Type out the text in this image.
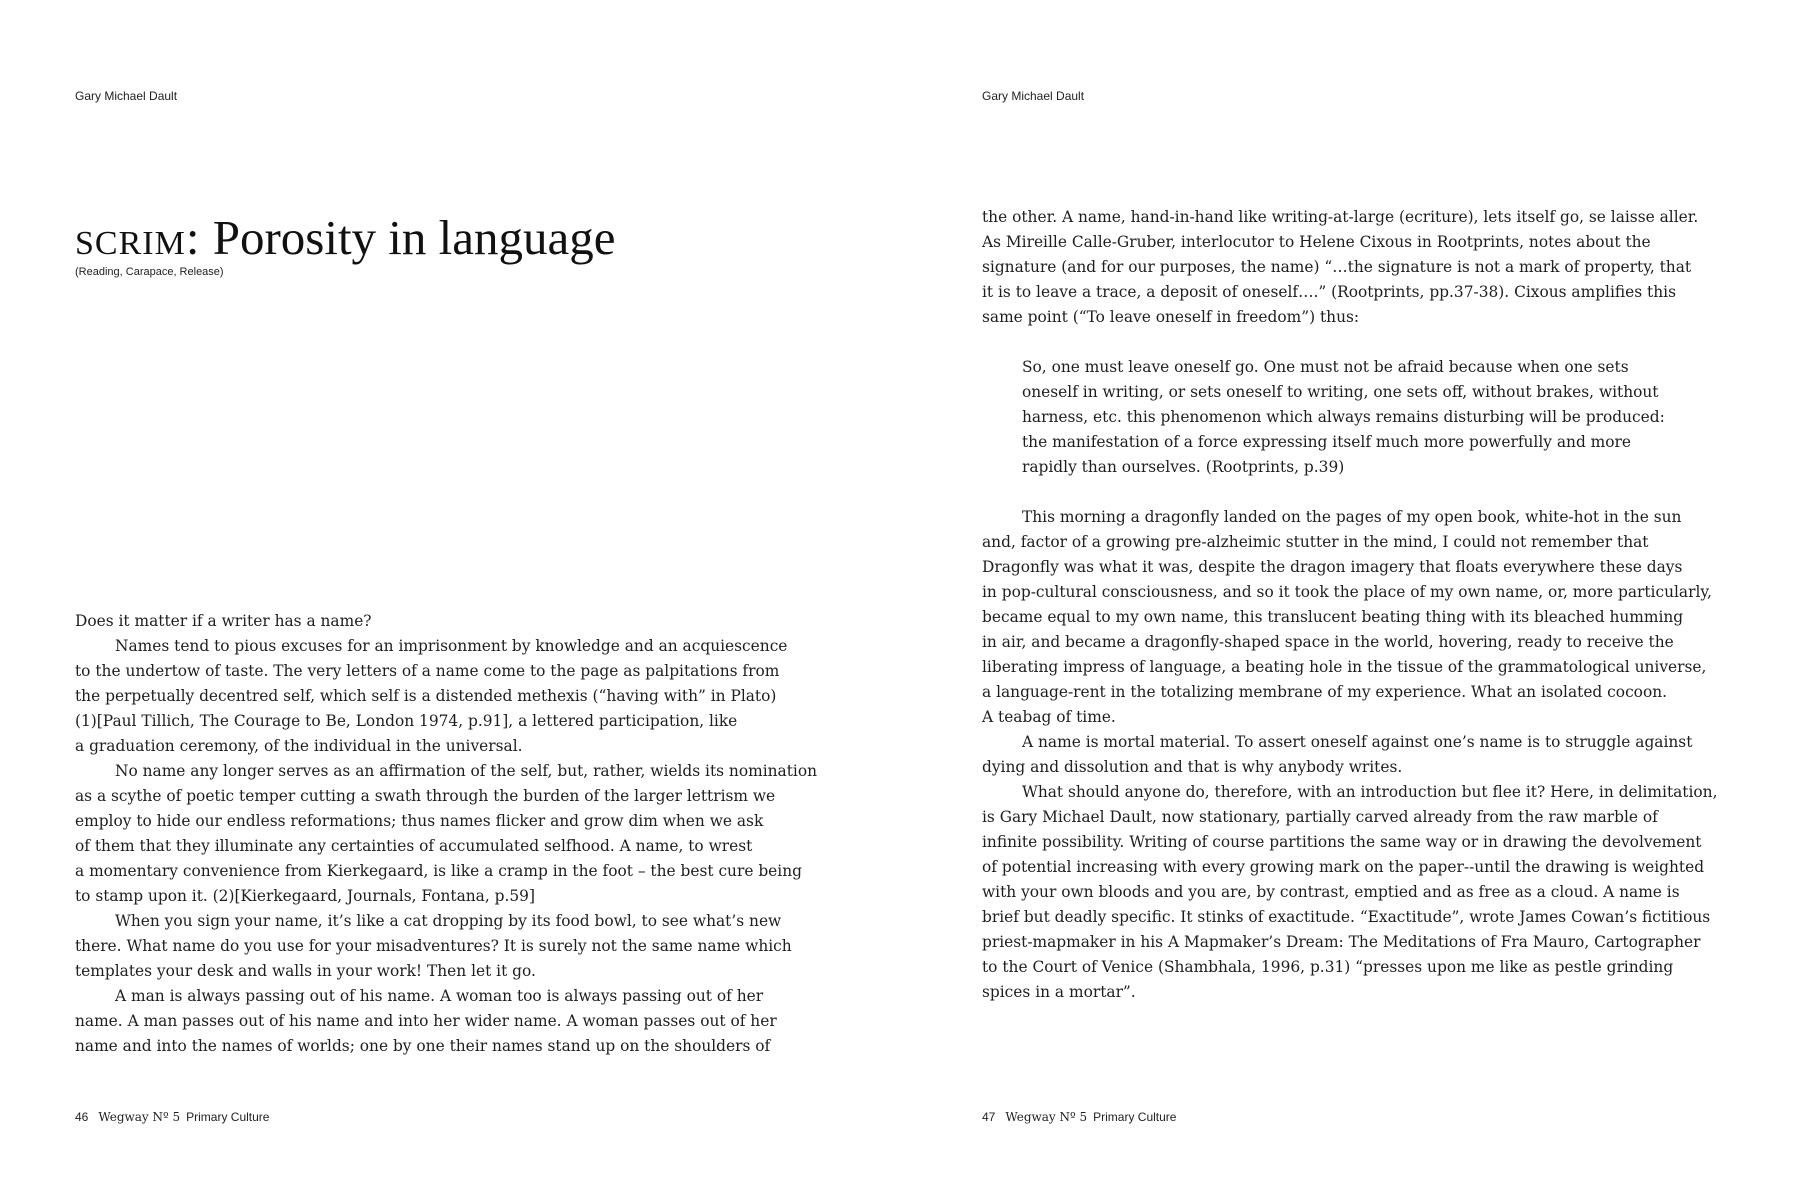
Gary Michael Dault
scrim: Porosity in language
(Reading, Carapace, Release)
Does it matter if a writer has a name?
Names tend to pious excuses for an imprisonment by knowledge and an acquiescence
to the undertow of taste. The very letters of a name come to the page as palpitations from
the perpetually decentred self, which self is a distended methexis (“having with” in Plato)
(1)[Paul Tillich, The Courage to Be, London 1974, p.91], a lettered participation, like
a graduation ceremony, of the individual in the universal.
No name any longer serves as an affirmation of the self, but, rather, wields its nomination
as a scythe of poetic temper cutting a swath through the burden of the larger lettrism we
employ to hide our endless reformations; thus names flicker and grow dim when we ask
of them that they illuminate any certainties of accumulated selfhood. A name, to wrest
a momentary convenience from Kierkegaard, is like a cramp in the foot – the best cure being
to stamp upon it. (2)[Kierkegaard, Journals, Fontana, p.59]
When you sign your name, it’s like a cat dropping by its food bowl, to see what’s new
there. What name do you use for your misadventures? It is surely not the same name which
templates your desk and walls in your work! Then let it go.
A man is always passing out of his name. A woman too is always passing out of her
name. A man passes out of his name and into her wider name. A woman passes out of her
name and into the names of worlds; one by one their names stand up on the shoulders of
46 Wegway Nº 5 Primary Culture
Gary Michael Dault
the other. A name, hand-in-hand like writing-at-large (ecriture), lets itself go, se laisse aller.
As Mireille Calle-Gruber, interlocutor to Helene Cixous in Rootprints, notes about the
signature (and for our purposes, the name) “…the signature is not a mark of property, that
it is to leave a trace, a deposit of oneself….” (Rootprints, pp.37-38). Cixous amplifies this
same point (“To leave oneself in freedom”) thus:
So, one must leave oneself go. One must not be afraid because when one sets
oneself in writing, or sets oneself to writing, one sets off, without brakes, without
harness, etc. this phenomenon which always remains disturbing will be produced:
the manifestation of a force expressing itself much more powerfully and more
rapidly than ourselves. (Rootprints, p.39)
This morning a dragonfly landed on the pages of my open book, white-hot in the sun
and, factor of a growing pre-alzheimic stutter in the mind, I could not remember that
Dragonfly was what it was, despite the dragon imagery that floats everywhere these days
in pop-cultural consciousness, and so it took the place of my own name, or, more particularly,
became equal to my own name, this translucent beating thing with its bleached humming
in air, and became a dragonfly-shaped space in the world, hovering, ready to receive the
liberating impress of language, a beating hole in the tissue of the grammatological universe,
a language-rent in the totalizing membrane of my experience. What an isolated cocoon.
A teabag of time.
A name is mortal material. To assert oneself against one’s name is to struggle against
dying and dissolution and that is why anybody writes.
What should anyone do, therefore, with an introduction but flee it? Here, in delimitation,
is Gary Michael Dault, now stationary, partially carved already from the raw marble of
infinite possibility. Writing of course partitions the same way or in drawing the devolvement
of potential increasing with every growing mark on the paper--until the drawing is weighted
with your own bloods and you are, by contrast, emptied and as free as a cloud. A name is
brief but deadly specific. It stinks of exactitude. “Exactitude”, wrote James Cowan’s fictitious
priest-mapmaker in his A Mapmaker’s Dream: The Meditations of Fra Mauro, Cartographer
to the Court of Venice (Shambhala, 1996, p.31) “presses upon me like as pestle grinding
spices in a mortar”.
47 Wegway Nº 5 Primary Culture
